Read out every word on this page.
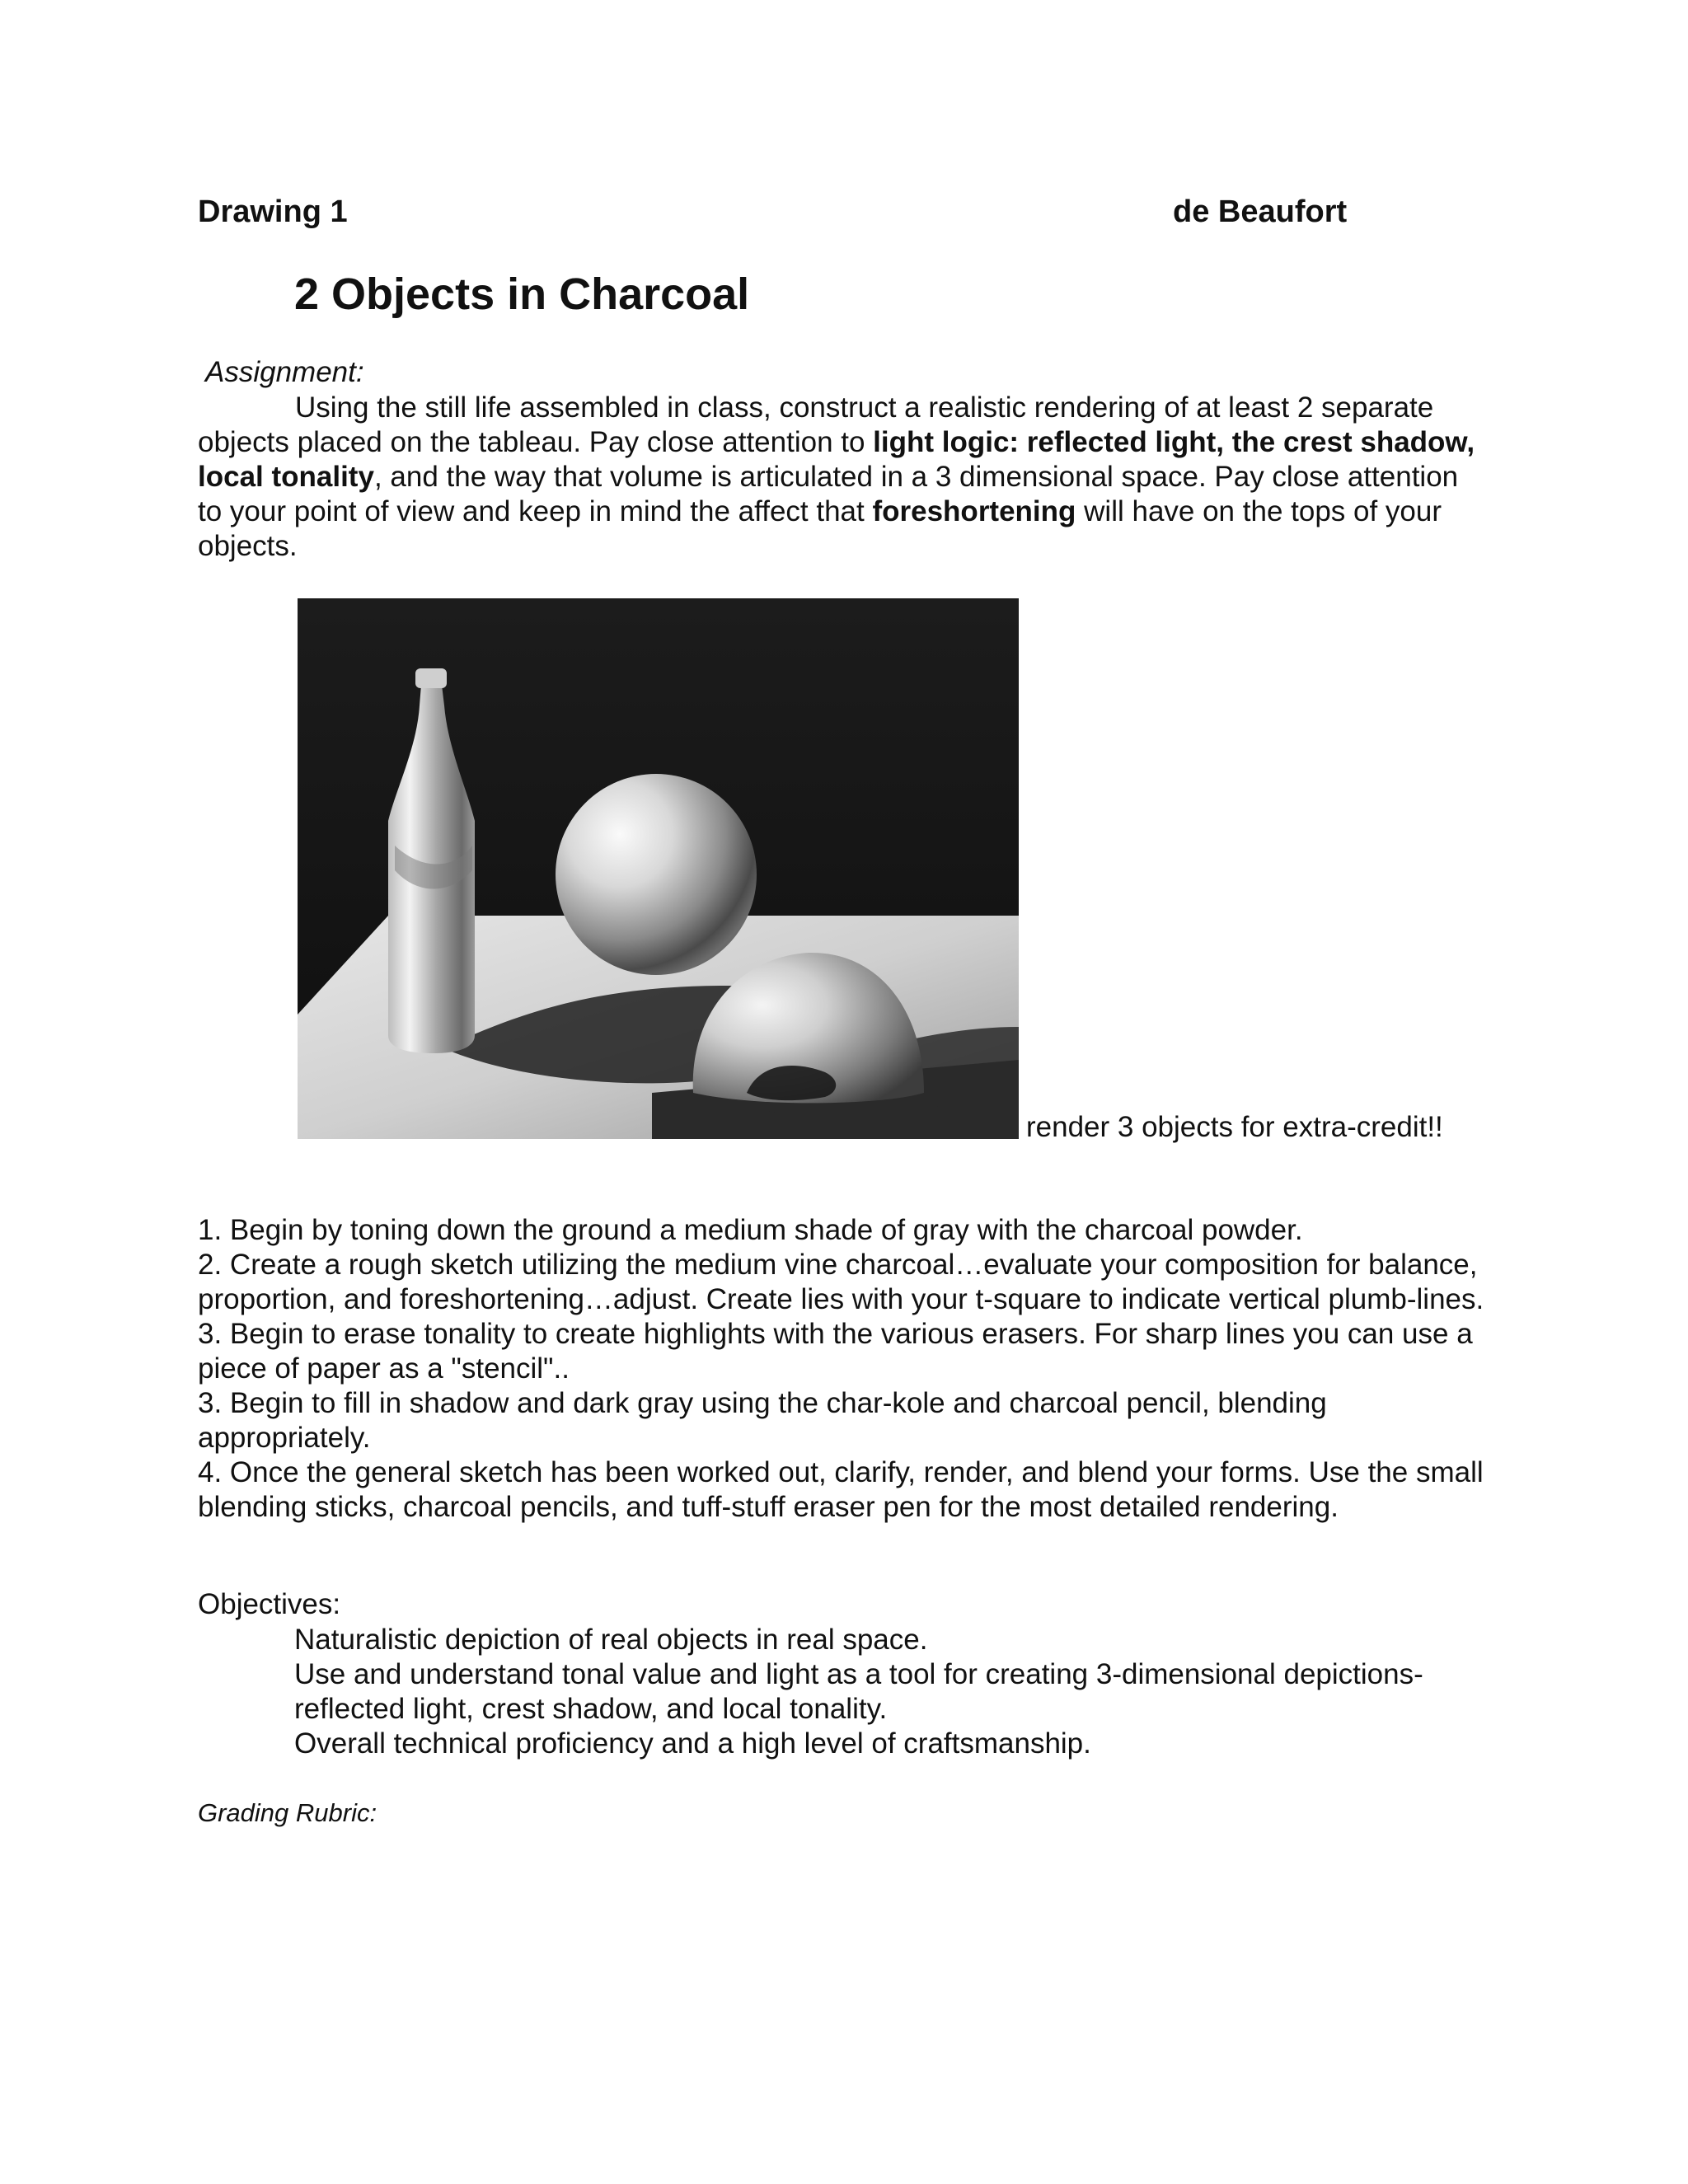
Drawing 1	de Beaufort
2 Objects in Charcoal
Assignment:
Using the still life assembled in class, construct a realistic rendering of at least 2 separate objects placed on the tableau. Pay close attention to light logic: reflected light, the crest shadow, local tonality, and the way that volume is articulated in a 3 dimensional space. Pay close attention to your point of view and keep in mind the affect that foreshortening will have on the tops of your objects.
render 3 objects for extra-credit!!

1. Begin by toning down the ground a medium shade of gray with the charcoal powder.

2. Create a rough sketch utilizing the medium vine charcoal…evaluate your composition for balance, proportion, and foreshortening…adjust. Create lies with your t-square to indicate vertical plumb-lines.

3. Begin to erase tonality to create highlights with the various erasers. For sharp lines you can use a piece of paper as a "stencil"..

3. Begin to fill in shadow and dark gray using the char-kole and charcoal pencil, blending appropriately.

4. Once the general sketch has been worked out, clarify, render, and blend your forms. Use the small blending sticks, charcoal pencils, and tuff-stuff eraser pen for the most detailed rendering.

Objectives:

Naturalistic depiction of real objects in real space.

Use and understand tonal value and light as a tool for creating 3-dimensional depictions- reflected light, crest shadow, and local tonality.

Overall technical proficiency and a high level of craftsmanship.

Grading Rubric:
